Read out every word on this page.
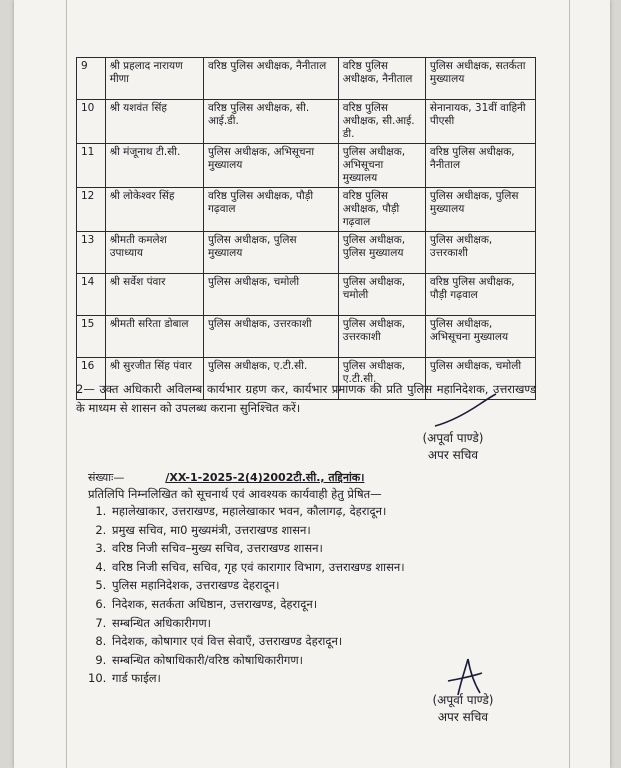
9	श्री प्रहलाद नारायण मीणा	वरिष्ठ पुलिस अधीक्षक, नैनीताल	वरिष्ठ पुलिस अधीक्षक, नैनीताल	पुलिस अधीक्षक, सतर्कता मुख्यालय
10	श्री यशवंत सिंह	वरिष्ठ पुलिस अधीक्षक, सी. आई.डी.	वरिष्ठ पुलिस अधीक्षक, सी.आई. डी.	सेनानायक, 31वीं वाहिनी पीएसी
11	श्री मंजूनाथ टी.सी.	पुलिस अधीक्षक, अभिसूचना मुख्यालय	पुलिस अधीक्षक, अभिसूचना मुख्यालय	वरिष्ठ पुलिस अधीक्षक, नैनीताल
12	श्री लोकेश्वर सिंह	वरिष्ठ पुलिस अधीक्षक, पौड़ी गढ़वाल	वरिष्ठ पुलिस अधीक्षक, पौड़ी गढ़वाल	पुलिस अधीक्षक, पुलिस मुख्यालय
13	श्रीमती कमलेश उपाध्याय	पुलिस अधीक्षक, पुलिस मुख्यालय	पुलिस अधीक्षक, पुलिस मुख्यालय	पुलिस अधीक्षक, उत्तरकाशी
14	श्री सर्वेश पंवार	पुलिस अधीक्षक, चमोली	पुलिस अधीक्षक, चमोली	वरिष्ठ पुलिस अधीक्षक, पौड़ी गढ़वाल
15	श्रीमती सरिता डोबाल	पुलिस अधीक्षक, उत्तरकाशी	पुलिस अधीक्षक, उत्तरकाशी	पुलिस अधीक्षक, अभिसूचना मुख्यालय
16	श्री सुरजीत सिंह पंवार	पुलिस अधीक्षक, ए.टी.सी.	पुलिस अधीक्षक, ए.टी.सी.	पुलिस अधीक्षक, चमोली
2— उक्त अधिकारी अविलम्ब कार्यभार ग्रहण कर, कार्यभार प्रमाणक की प्रति पुलिस महानिदेशक, उत्तराखण्ड के माध्यम से शासन को उपलब्ध कराना सुनिश्चित करें।
(अपूर्वा पाण्डे)
अपर सचिव
संख्याः—	/XX-1-2025-2(4)2002टी.सी., तद्दिनांक।
प्रतिलिपि निम्नलिखित को सूचनार्थ एवं आवश्यक कार्यवाही हेतु प्रेषित—
1. महालेखाकार, उत्तराखण्ड, महालेखाकार भवन, कौलागढ़, देहरादून।
2. प्रमुख सचिव, मा0 मुख्यमंत्री, उत्तराखण्ड शासन।
3. वरिष्ठ निजी सचिव–मुख्य सचिव, उत्तराखण्ड शासन।
4. वरिष्ठ निजी सचिव, सचिव, गृह एवं कारागार विभाग, उत्तराखण्ड शासन।
5. पुलिस महानिदेशक, उत्तराखण्ड देहरादून।
6. निदेशक, सतर्कता अधिष्ठान, उत्तराखण्ड, देहरादून।
7. सम्बन्धित अधिकारीगण।
8. निदेशक, कोषागार एवं वित्त सेवाएँ, उत्तराखण्ड देहरादून।
9. सम्बन्धित कोषाधिकारी/वरिष्ठ कोषाधिकारीगण।
10. गार्ड फाईल।
(अपूर्वा पाण्डे)
अपर सचिव
